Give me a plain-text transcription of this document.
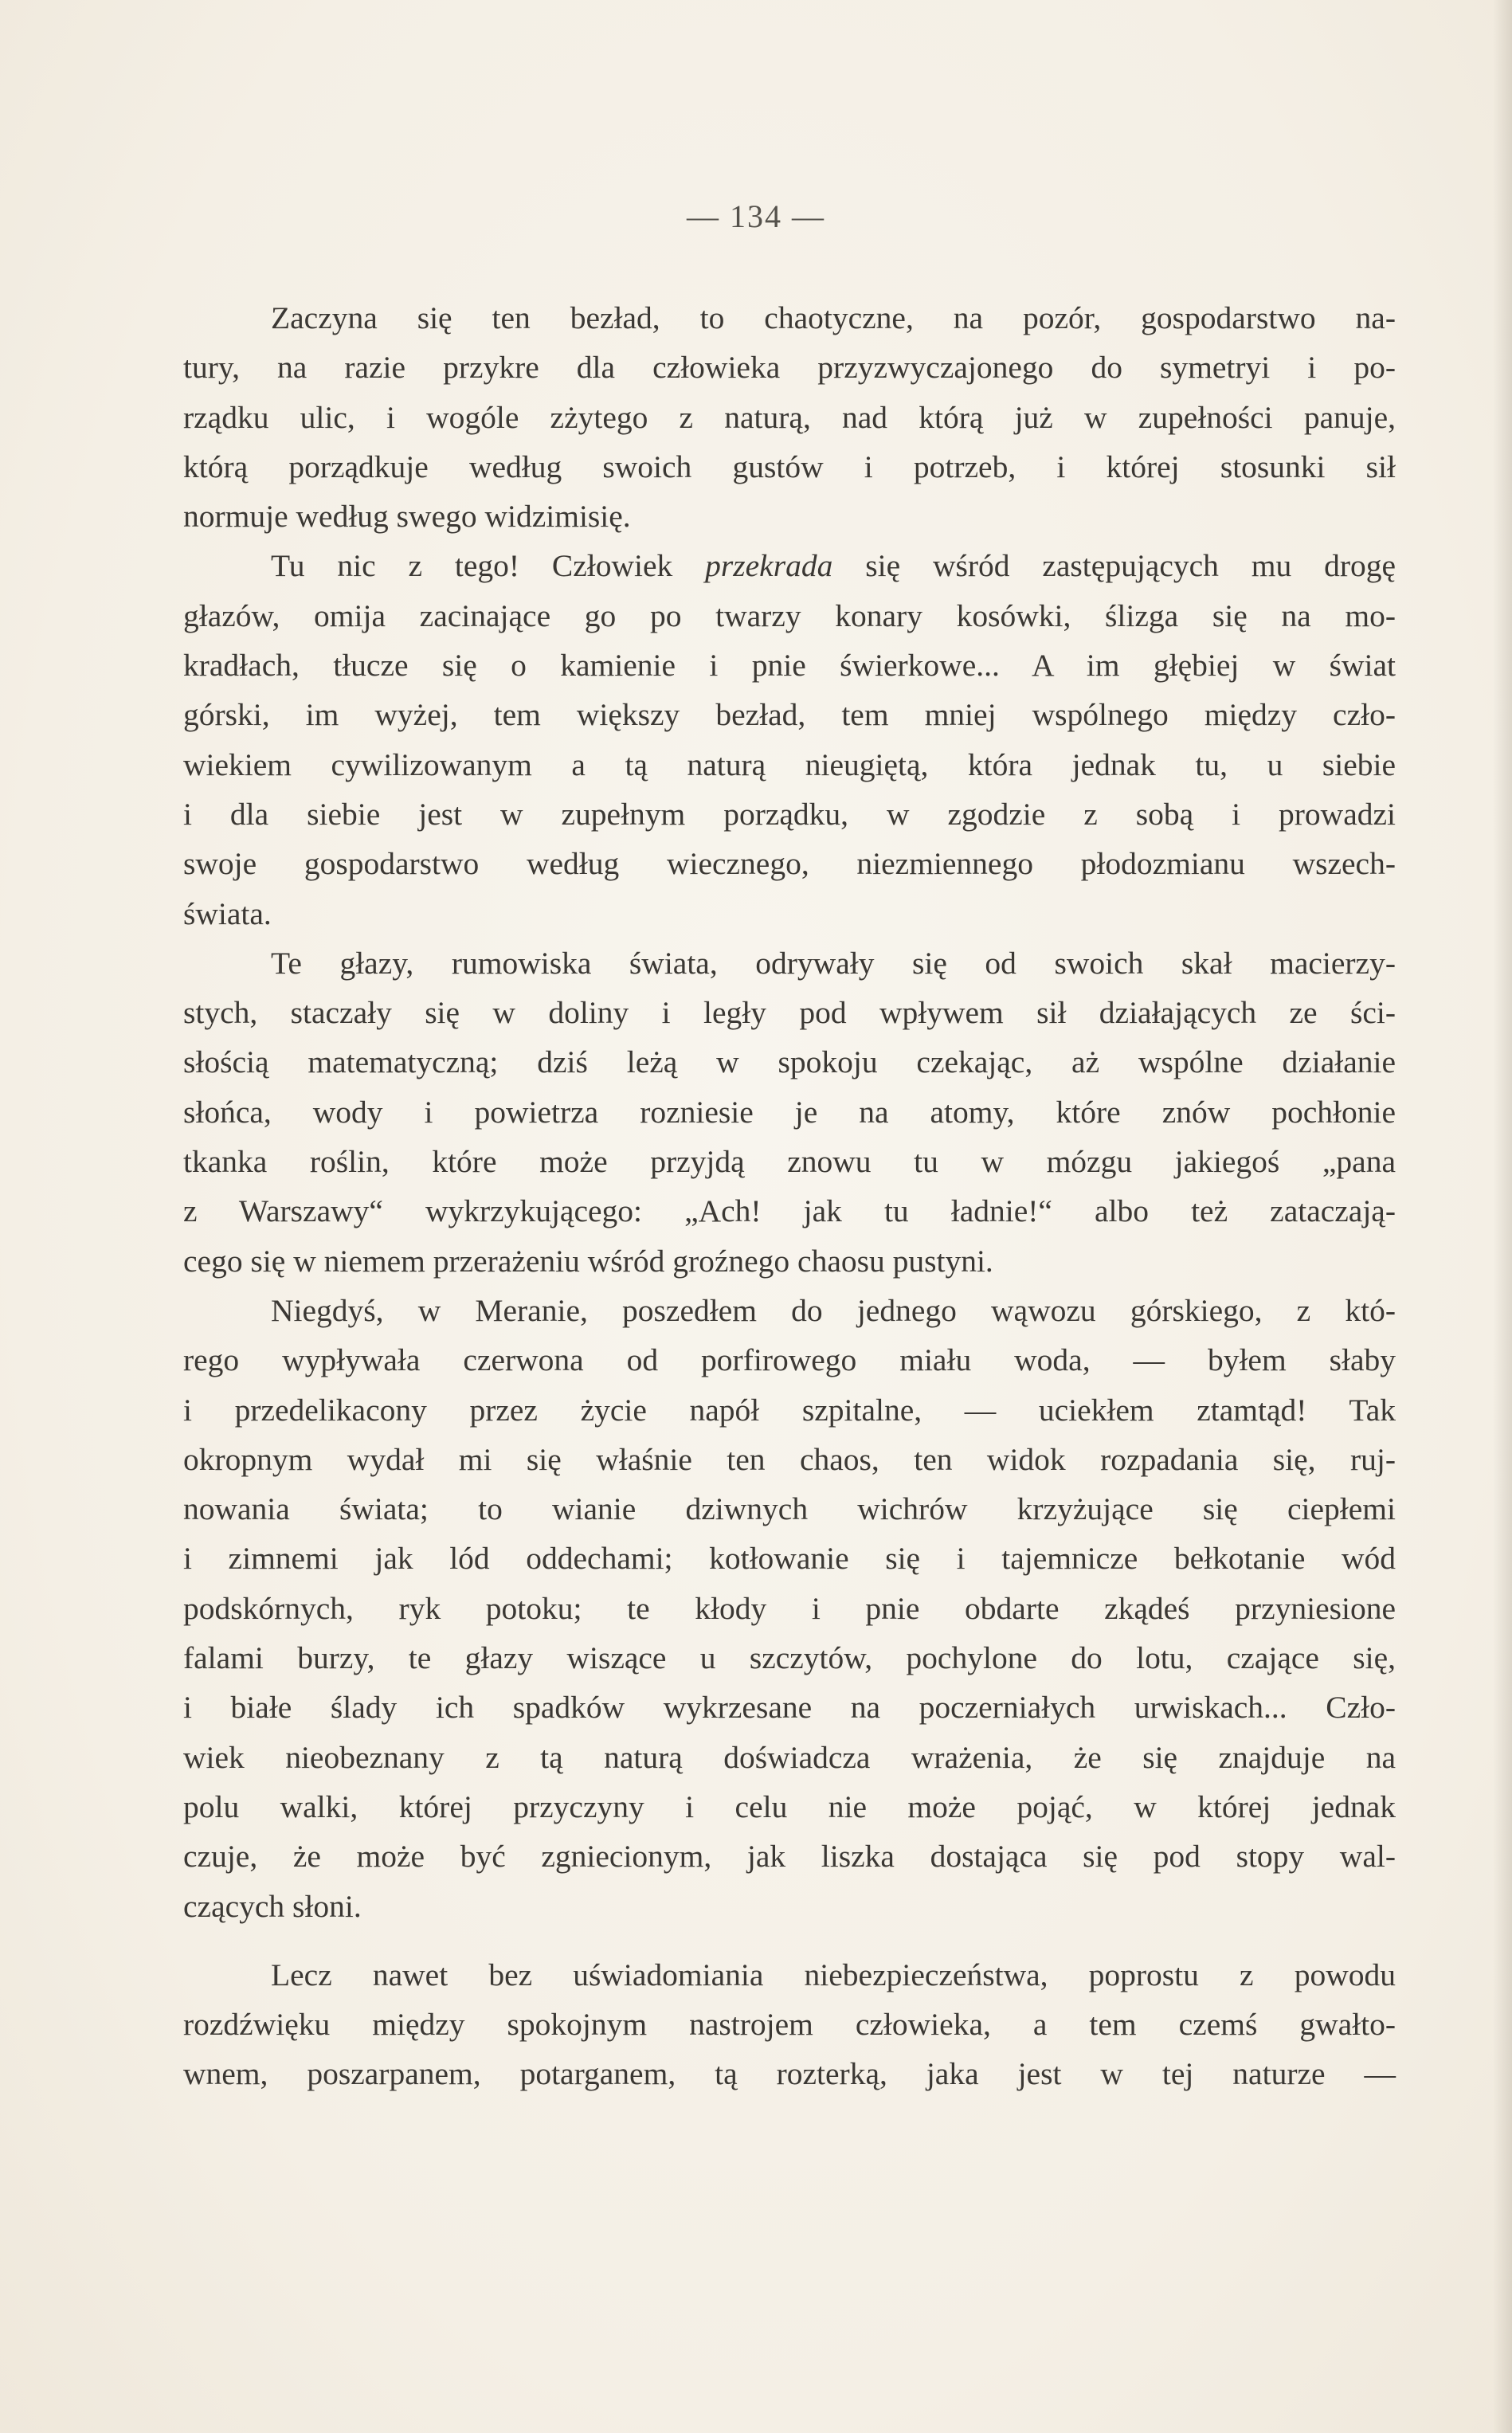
— 134 —
Zaczyna się ten bezład, to chaotyczne, na pozór, gospodarstwo na-
tury, na razie przykre dla człowieka przyzwyczajonego do symetryi i po-
rządku ulic, i wogóle zżytego z naturą, nad którą już w zupełności panuje,
którą porządkuje według swoich gustów i potrzeb, i której stosunki sił
normuje według swego widzimisię.
Tu nic z tego! Człowiek przekrada się wśród zastępujących mu drogę
głazów, omija zacinające go po twarzy konary kosówki, ślizga się na mo-
kradłach, tłucze się o kamienie i pnie świerkowe... A im głębiej w świat
górski, im wyżej, tem większy bezład, tem mniej wspólnego między czło-
wiekiem cywilizowanym a tą naturą nieugiętą, która jednak tu, u siebie
i dla siebie jest w zupełnym porządku, w zgodzie z sobą i prowadzi
swoje gospodarstwo według wiecznego, niezmiennego płodozmianu wszech-
świata.
Te głazy, rumowiska świata, odrywały się od swoich skał macierzy-
stych, staczały się w doliny i legły pod wpływem sił działających ze ści-
słością matematyczną; dziś leżą w spokoju czekając, aż wspólne działanie
słońca, wody i powietrza rozniesie je na atomy, które znów pochłonie
tkanka roślin, które może przyjdą znowu tu w mózgu jakiegoś „pana
z Warszawy“ wykrzykującego: „Ach! jak tu ładnie!“ albo też zataczają-
cego się w niemem przerażeniu wśród groźnego chaosu pustyni.
Niegdyś, w Meranie, poszedłem do jednego wąwozu górskiego, z któ-
rego wypływała czerwona od porfirowego miału woda, — byłem słaby
i przedelikacony przez życie napół szpitalne, — uciekłem ztamtąd! Tak
okropnym wydał mi się właśnie ten chaos, ten widok rozpadania się, ruj-
nowania świata; to wianie dziwnych wichrów krzyżujące się ciepłemi
i zimnemi jak lód oddechami; kotłowanie się i tajemnicze bełkotanie wód
podskórnych, ryk potoku; te kłody i pnie obdarte zkądeś przyniesione
falami burzy, te głazy wiszące u szczytów, pochylone do lotu, czające się,
i białe ślady ich spadków wykrzesane na poczerniałych urwiskach... Czło-
wiek nieobeznany z tą naturą doświadcza wrażenia, że się znajduje na
polu walki, której przyczyny i celu nie może pojąć, w której jednak
czuje, że może być zgniecionym, jak liszka dostająca się pod stopy wal-
czących słoni.
Lecz nawet bez uświadomiania niebezpieczeństwa, poprostu z powodu
rozdźwięku między spokojnym nastrojem człowieka, a tem czemś gwałto-
wnem, poszarpanem, potarganem, tą rozterką, jaka jest w tej naturze —
